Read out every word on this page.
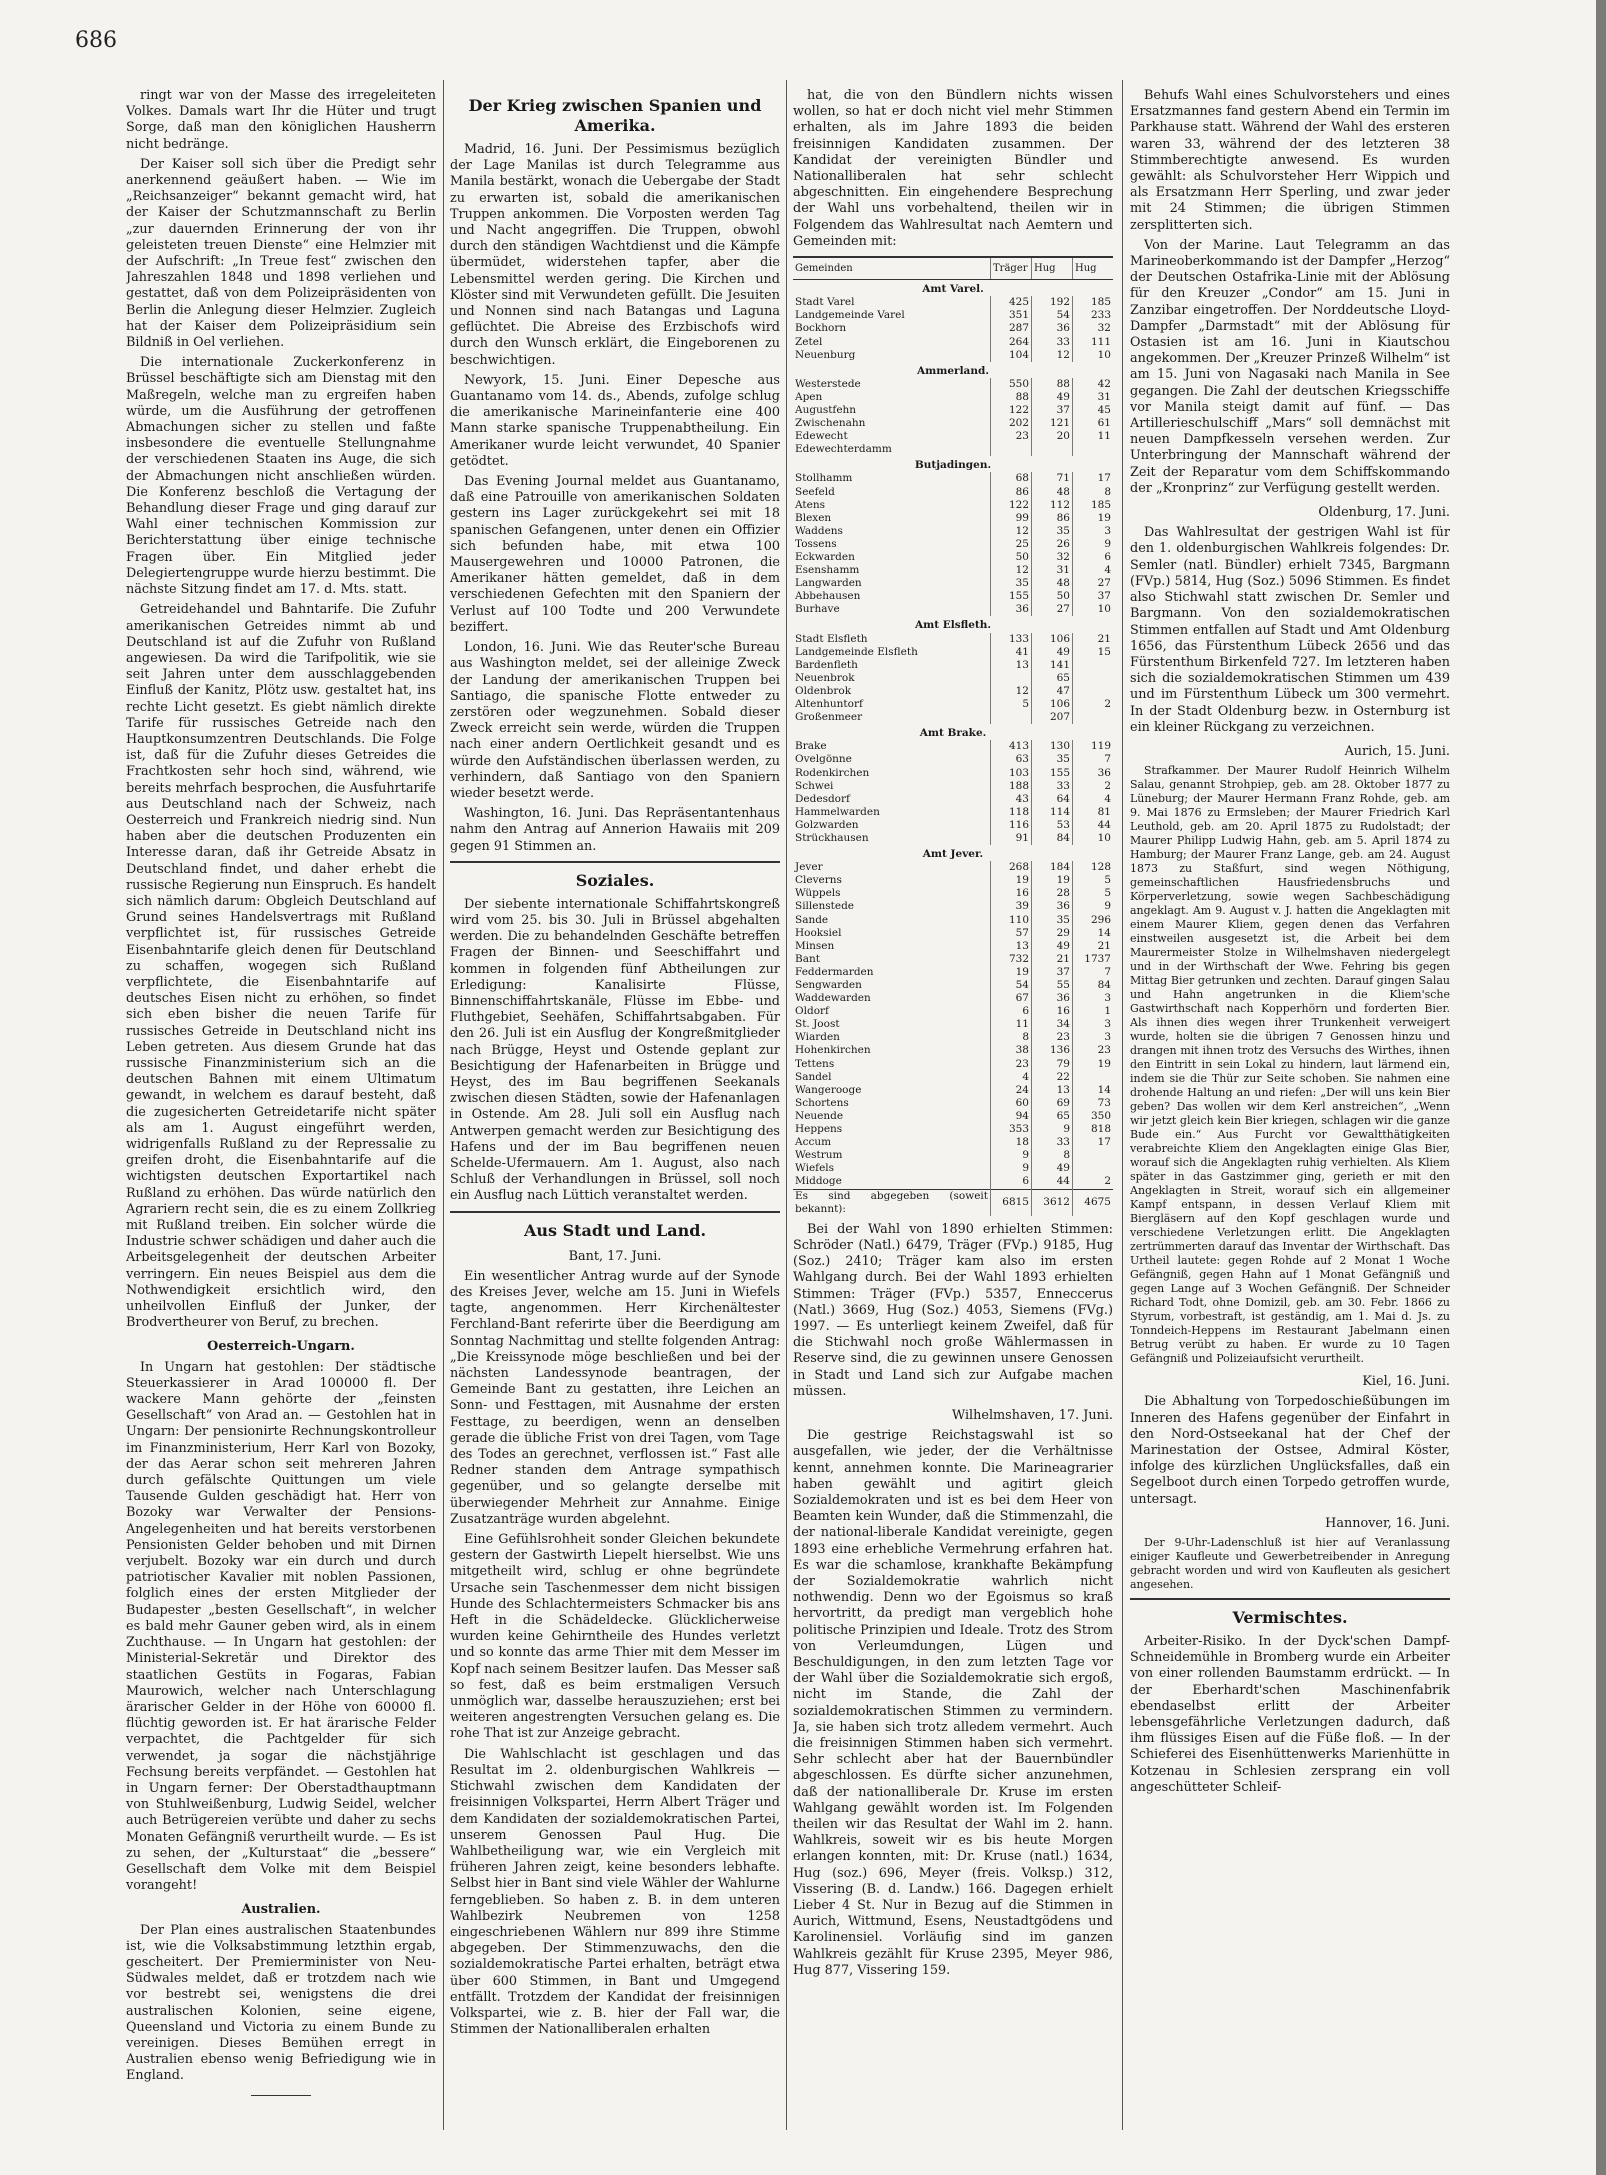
686

ringt war von der Masse des irregeleiteten Volkes. Damals wart Ihr die Hüter und trugt Sorge, daß man den königlichen Hausherrn nicht bedränge.

Der Kaiser soll sich über die Predigt sehr anerkennend geäußert haben. — Wie im „Reichsanzeiger“ bekannt gemacht wird, hat der Kaiser der Schutzmannschaft zu Berlin „zur dauernden Erinnerung der von ihr geleisteten treuen Dienste“ eine Helmzier mit der Aufschrift: „In Treue fest“ zwischen den Jahreszahlen 1848 und 1898 verliehen und gestattet, daß von dem Polizeipräsidenten von Berlin die Anlegung dieser Helmzier. Zugleich hat der Kaiser dem Polizeipräsidium sein Bildniß in Oel verliehen.

Die internationale Zuckerkonferenz in Brüssel beschäftigte sich am Dienstag mit den Maßregeln, welche man zu ergreifen haben würde, um die Ausführung der getroffenen Abmachungen sicher zu stellen und faßte insbesondere die eventuelle Stellungnahme der verschiedenen Staaten ins Auge, die sich der Abmachungen nicht anschließen würden. Die Konferenz beschloß die Vertagung der Behandlung dieser Frage und ging darauf zur Wahl einer technischen Kommission zur Berichterstattung über einige technische Fragen über. Ein Mitglied jeder Delegiertengruppe wurde hierzu bestimmt. Die nächste Sitzung findet am 17. d. Mts. statt.

Getreidehandel und Bahntarife. Die Zufuhr amerikanischen Getreides nimmt ab und Deutschland ist auf die Zufuhr von Rußland angewiesen. Da wird die Tarifpolitik, wie sie seit Jahren unter dem ausschlaggebenden Einfluß der Kanitz, Plötz usw. gestaltet hat, ins rechte Licht gesetzt. Es giebt nämlich direkte Tarife für russisches Getreide nach den Hauptkonsumzentren Deutschlands. Die Folge ist, daß für die Zufuhr dieses Getreides die Frachtkosten sehr hoch sind, während, wie bereits mehrfach besprochen, die Ausfuhrtarife aus Deutschland nach der Schweiz, nach Oesterreich und Frankreich niedrig sind. Nun haben aber die deutschen Produzenten ein Interesse daran, daß ihr Getreide Absatz in Deutschland findet, und daher erhebt die russische Regierung nun Einspruch. Es handelt sich nämlich darum: Obgleich Deutschland auf Grund seines Handelsvertrags mit Rußland verpflichtet ist, für russisches Getreide Eisenbahntarife gleich denen für Deutschland zu schaffen, wogegen sich Rußland verpflichtete, die Eisenbahntarife auf deutsches Eisen nicht zu erhöhen, so findet sich eben bisher die neuen Tarife für russisches Getreide in Deutschland nicht ins Leben getreten. Aus diesem Grunde hat das russische Finanzministerium sich an die deutschen Bahnen mit einem Ultimatum gewandt, in welchem es darauf besteht, daß die zugesicherten Getreidetarife nicht später als am 1. August eingeführt werden, widrigenfalls Rußland zu der Repressalie zu greifen droht, die Eisenbahntarife auf die wichtigsten deutschen Exportartikel nach Rußland zu erhöhen. Das würde natürlich den Agrariern recht sein, die es zu einem Zollkrieg mit Rußland treiben. Ein solcher würde die Industrie schwer schädigen und daher auch die Arbeitsgelegenheit der deutschen Arbeiter verringern. Ein neues Beispiel aus dem die Nothwendigkeit ersichtlich wird, den unheilvollen Einfluß der Junker, der Brodvertheurer von Beruf, zu brechen.

Oesterreich-Ungarn.

In Ungarn hat gestohlen: Der städtische Steuerkassierer in Arad 100000 fl. Der wackere Mann gehörte der „feinsten Gesellschaft“ von Arad an. — Gestohlen hat in Ungarn: Der pensionirte Rechnungskontrolleur im Finanzministerium, Herr Karl von Bozoky, der das Aerar schon seit mehreren Jahren durch gefälschte Quittungen um viele Tausende Gulden geschädigt hat. Herr von Bozoky war Verwalter der Pensions-Angelegenheiten und hat bereits verstorbenen Pensionisten Gelder behoben und mit Dirnen verjubelt. Bozoky war ein durch und durch patriotischer Kavalier mit noblen Passionen, folglich eines der ersten Mitglieder der Budapester „besten Gesellschaft“, in welcher es bald mehr Gauner geben wird, als in einem Zuchthause. — In Ungarn hat gestohlen: der Ministerial-Sekretär und Direktor des staatlichen Gestüts in Fogaras, Fabian Maurowich, welcher nach Unterschlagung ärarischer Gelder in der Höhe von 60000 fl. flüchtig geworden ist. Er hat ärarische Felder verpachtet, die Pachtgelder für sich verwendet, ja sogar die nächstjährige Fechsung bereits verpfändet. — Gestohlen hat in Ungarn ferner: Der Oberstadthauptmann von Stuhlweißenburg, Ludwig Seidel, welcher auch Betrügereien verübte und daher zu sechs Monaten Gefängniß verurtheilt wurde. — Es ist zu sehen, der „Kulturstaat“ die „bessere“ Gesellschaft dem Volke mit dem Beispiel vorangeht!

Australien.

Der Plan eines australischen Staatenbundes ist, wie die Volksabstimmung letzthin ergab, gescheitert. Der Premierminister von Neu-Südwales meldet, daß er trotzdem nach wie vor bestrebt sei, wenigstens die drei australischen Kolonien, seine eigene, Queensland und Victoria zu einem Bunde zu vereinigen. Dieses Bemühen erregt in Australien ebenso wenig Befriedigung wie in England.

Der Krieg zwischen Spanien und Amerika.

Madrid, 16. Juni. Der Pessimismus bezüglich der Lage Manilas ist durch Telegramme aus Manila bestärkt, wonach die Uebergabe der Stadt zu erwarten ist, sobald die amerikanischen Truppen ankommen. Die Vorposten werden Tag und Nacht angegriffen. Die Truppen, obwohl durch den ständigen Wachtdienst und die Kämpfe übermüdet, widerstehen tapfer, aber die Lebensmittel werden gering. Die Kirchen und Klöster sind mit Verwundeten gefüllt. Die Jesuiten und Nonnen sind nach Batangas und Laguna geflüchtet. Die Abreise des Erzbischofs wird durch den Wunsch erklärt, die Eingeborenen zu beschwichtigen.

Newyork, 15. Juni. Einer Depesche aus Guantanamo vom 14. ds., Abends, zufolge schlug die amerikanische Marineinfanterie eine 400 Mann starke spanische Truppenabtheilung. Ein Amerikaner wurde leicht verwundet, 40 Spanier getödtet.

Das Evening Journal meldet aus Guantanamo, daß eine Patrouille von amerikanischen Soldaten gestern ins Lager zurückgekehrt sei mit 18 spanischen Gefangenen, unter denen ein Offizier sich befunden habe, mit etwa 100 Mausergewehren und 10000 Patronen, die Amerikaner hätten gemeldet, daß in dem verschiedenen Gefechten mit den Spaniern der Verlust auf 100 Todte und 200 Verwundete beziffert.

London, 16. Juni. Wie das Reuter'sche Bureau aus Washington meldet, sei der alleinige Zweck der Landung der amerikanischen Truppen bei Santiago, die spanische Flotte entweder zu zerstören oder wegzunehmen. Sobald dieser Zweck erreicht sein werde, würden die Truppen nach einer andern Oertlichkeit gesandt und es würde den Aufständischen überlassen werden, zu verhindern, daß Santiago von den Spaniern wieder besetzt werde.

Washington, 16. Juni. Das Repräsentantenhaus nahm den Antrag auf Annerion Hawaiis mit 209 gegen 91 Stimmen an.

Soziales.

Der siebente internationale Schiffahrtskongreß wird vom 25. bis 30. Juli in Brüssel abgehalten werden. Die zu behandelnden Geschäfte betreffen Fragen der Binnen- und Seeschiffahrt und kommen in folgenden fünf Abtheilungen zur Erledigung: Kanalisirte Flüsse, Binnenschiffahrtskanäle, Flüsse im Ebbe- und Fluthgebiet, Seehäfen, Schiffahrtsabgaben. Für den 26. Juli ist ein Ausflug der Kongreßmitglieder nach Brügge, Heyst und Ostende geplant zur Besichtigung der Hafenarbeiten in Brügge und Heyst, des im Bau begriffenen Seekanals zwischen diesen Städten, sowie der Hafenanlagen in Ostende. Am 28. Juli soll ein Ausflug nach Antwerpen gemacht werden zur Besichtigung des Hafens und der im Bau begriffenen neuen Schelde-Ufermauern. Am 1. August, also nach Schluß der Verhandlungen in Brüssel, soll noch ein Ausflug nach Lüttich veranstaltet werden.

Aus Stadt und Land.
Bant, 17. Juni.

Ein wesentlicher Antrag wurde auf der Synode des Kreises Jever, welche am 15. Juni in Wiefels tagte, angenommen. Herr Kirchenältester Ferchland-Bant referirte über die Beerdigung am Sonntag Nachmittag und stellte folgenden Antrag: „Die Kreissynode möge beschließen und bei der nächsten Landessynode beantragen, der Gemeinde Bant zu gestatten, ihre Leichen an Sonn- und Festtagen, mit Ausnahme der ersten Festtage, zu beerdigen, wenn an denselben gerade die übliche Frist von drei Tagen, vom Tage des Todes an gerechnet, verflossen ist.“ Fast alle Redner standen dem Antrage sympathisch gegenüber, und so gelangte derselbe mit überwiegender Mehrheit zur Annahme. Einige Zusatzanträge wurden abgelehnt.

Eine Gefühlsrohheit sonder Gleichen bekundete gestern der Gastwirth Liepelt hierselbst. Wie uns mitgetheilt wird, schlug er ohne begründete Ursache sein Taschenmesser dem nicht bissigen Hunde des Schlachtermeisters Schmacker bis ans Heft in die Schädeldecke. Glücklicherweise wurden keine Gehirntheile des Hundes verletzt und so konnte das arme Thier mit dem Messer im Kopf nach seinem Besitzer laufen. Das Messer saß so fest, daß es beim erstmaligen Versuch unmöglich war, dasselbe herauszuziehen; erst bei weiteren angestrengten Versuchen gelang es. Die rohe That ist zur Anzeige gebracht.

Die Wahlschlacht ist geschlagen und das Resultat im 2. oldenburgischen Wahlkreis — Stichwahl zwischen dem Kandidaten der freisinnigen Volkspartei, Herrn Albert Träger und dem Kandidaten der sozialdemokratischen Partei, unserem Genossen Paul Hug. Die Wahlbetheiligung war, wie ein Vergleich mit früheren Jahren zeigt, keine besonders lebhafte. Selbst hier in Bant sind viele Wähler der Wahlurne ferngeblieben. So haben z. B. in dem unteren Wahlbezirk Neubremen von 1258 eingeschriebenen Wählern nur 899 ihre Stimme abgegeben. Der Stimmenzuwachs, den die sozialdemokratische Partei erhalten, beträgt etwa über 600 Stimmen, in Bant und Umgegend entfällt. Trotzdem der Kandidat der freisinnigen Volkspartei, wie z. B. hier der Fall war, die Stimmen der Nationalliberalen erhalten

hat, die von den Bündlern nichts wissen wollen, so hat er doch nicht viel mehr Stimmen erhalten, als im Jahre 1893 die beiden freisinnigen Kandidaten zusammen. Der Kandidat der vereinigten Bündler und Nationalliberalen hat sehr schlecht abgeschnitten. Ein eingehendere Besprechung der Wahl uns vorbehaltend, theilen wir in Folgendem das Wahlresultat nach Aemtern und Gemeinden mit:

Gemeinden	Träger	Hug	Hug
Amt Varel.			
Stadt Varel	425	192	185
Landgemeinde Varel	351	54	233
Bockhorn	287	36	32
Zetel	264	33	111
Neuenburg	104	12	10
Ammerland.			
Westerstede	550	88	42
Apen	88	49	31
Augustfehn	122	37	45
Zwischenahn	202	121	61
Edewecht	23	20	11
Edewechterdamm			
Butjadingen.			
Stollhamm	68	71	17
Seefeld	86	48	8
Atens	122	112	185
Blexen	99	86	19
Waddens	12	35	3
Tossens	25	26	9
Eckwarden	50	32	6
Esenshamm	12	31	4
Langwarden	35	48	27
Abbehausen	155	50	37
Burhave	36	27	10
Amt Elsfleth.			
Stadt Elsfleth	133	106	21
Landgemeinde Elsfleth	41	49	15
Bardenfleth	13	141	
Neuenbrok		65	
Oldenbrok	12	47	
Altenhuntorf	5	106	2
Großenmeer		207	
Amt Brake.			
Brake	413	130	119
Ovelgönne	63	35	7
Rodenkirchen	103	155	36
Schwei	188	33	2
Dedesdorf	43	64	4
Hammelwarden	118	114	81
Golzwarden	116	53	44
Strückhausen	91	84	10
Amt Jever.			
Jever	268	184	128
Cleverns	19	19	5
Wüppels	16	28	5
Sillenstede	39	36	9
Sande	110	35	296
Hooksiel	57	29	14
Minsen	13	49	21
Bant	732	21	1737
Feddermarden	19	37	7
Sengwarden	54	55	84
Waddewarden	67	36	3
Oldorf	6	16	1
St. Joost	11	34	3
Wiarden	8	23	3
Hohenkirchen	38	136	23
Tettens	23	79	19
Sandel	4	22	
Wangerooge	24	13	14
Schortens	60	69	73
Neuende	94	65	350
Heppens	353	9	818
Accum	18	33	17
Westrum	9	8	
Wiefels	9	49	
Middoge	6	44	2
Es sind abgegeben (soweit bekannt):	6815	3612	4675

Bei der Wahl von 1890 erhielten Stimmen: Schröder (Natl.) 6479, Träger (FVp.) 9185, Hug (Soz.) 2410; Träger kam also im ersten Wahlgang durch. Bei der Wahl 1893 erhielten Stimmen: Träger (FVp.) 5357, Enneccerus (Natl.) 3669, Hug (Soz.) 4053, Siemens (FVg.) 1997. — Es unterliegt keinem Zweifel, daß für die Stichwahl noch große Wählermassen in Reserve sind, die zu gewinnen unsere Genossen in Stadt und Land sich zur Aufgabe machen müssen.

Wilhelmshaven, 17. Juni.

Die gestrige Reichstagswahl ist so ausgefallen, wie jeder, der die Verhältnisse kennt, annehmen konnte. Die Marineagrarier haben gewählt und agitirt gleich Sozialdemokraten und ist es bei dem Heer von Beamten kein Wunder, daß die Stimmenzahl, die der national-liberale Kandidat vereinigte, gegen 1893 eine erhebliche Vermehrung erfahren hat. Es war die schamlose, krankhafte Bekämpfung der Sozialdemokratie wahrlich nicht nothwendig. Denn wo der Egoismus so kraß hervortritt, da predigt man vergeblich hohe politische Prinzipien und Ideale. Trotz des Strom von Verleumdungen, Lügen und Beschuldigungen, in den zum letzten Tage vor der Wahl über die Sozialdemokratie sich ergoß, nicht im Stande, die Zahl der sozialdemokratischen Stimmen zu vermindern. Ja, sie haben sich trotz alledem vermehrt. Auch die freisinnigen Stimmen haben sich vermehrt. Sehr schlecht aber hat der Bauernbündler abgeschlossen. Es dürfte sicher anzunehmen, daß der nationalliberale Dr. Kruse im ersten Wahlgang gewählt worden ist. Im Folgenden theilen wir das Resultat der Wahl im 2. hann. Wahlkreis, soweit wir es bis heute Morgen erlangen konnten, mit: Dr. Kruse (natl.) 1634, Hug (soz.) 696, Meyer (freis. Volksp.) 312, Vissering (B. d. Landw.) 166. Dagegen erhielt Lieber 4 St. Nur in Bezug auf die Stimmen in Aurich, Wittmund, Esens, Neustadtgödens und Karolinensiel. Vorläufig sind im ganzen Wahlkreis gezählt für Kruse 2395, Meyer 986, Hug 877, Vissering 159.

Behufs Wahl eines Schulvorstehers und eines Ersatzmannes fand gestern Abend ein Termin im Parkhause statt. Während der Wahl des ersteren waren 33, während der des letzteren 38 Stimmberechtigte anwesend. Es wurden gewählt: als Schulvorsteher Herr Wippich und als Ersatzmann Herr Sperling, und zwar jeder mit 24 Stimmen; die übrigen Stimmen zersplitterten sich.

Von der Marine. Laut Telegramm an das Marineoberkommando ist der Dampfer „Herzog“ der Deutschen Ostafrika-Linie mit der Ablösung für den Kreuzer „Condor“ am 15. Juni in Zanzibar eingetroffen. Der Norddeutsche Lloyd-Dampfer „Darmstadt“ mit der Ablösung für Ostasien ist am 16. Juni in Kiautschou angekommen. Der „Kreuzer Prinzeß Wilhelm“ ist am 15. Juni von Nagasaki nach Manila in See gegangen. Die Zahl der deutschen Kriegsschiffe vor Manila steigt damit auf fünf. — Das Artillerieschulschiff „Mars“ soll demnächst mit neuen Dampfkesseln versehen werden. Zur Unterbringung der Mannschaft während der Zeit der Reparatur vom dem Schiffskommando der „Kronprinz“ zur Verfügung gestellt werden.

Oldenburg, 17. Juni.

Das Wahlresultat der gestrigen Wahl ist für den 1. oldenburgischen Wahlkreis folgendes: Dr. Semler (natl. Bündler) erhielt 7345, Bargmann (FVp.) 5814, Hug (Soz.) 5096 Stimmen. Es findet also Stichwahl statt zwischen Dr. Semler und Bargmann. Von den sozialdemokratischen Stimmen entfallen auf Stadt und Amt Oldenburg 1656, das Fürstenthum Lübeck 2656 und das Fürstenthum Birkenfeld 727. Im letzteren haben sich die sozialdemokratischen Stimmen um 439 und im Fürstenthum Lübeck um 300 vermehrt. In der Stadt Oldenburg bezw. in Osternburg ist ein kleiner Rückgang zu verzeichnen.

Aurich, 15. Juni.

Strafkammer. Der Maurer Rudolf Heinrich Wilhelm Salau, genannt Strohpiep, geb. am 28. Oktober 1877 zu Lüneburg; der Maurer Hermann Franz Rohde, geb. am 9. Mai 1876 zu Ermsleben; der Maurer Friedrich Karl Leuthold, geb. am 20. April 1875 zu Rudolstadt; der Maurer Philipp Ludwig Hahn, geb. am 5. April 1874 zu Hamburg; der Maurer Franz Lange, geb. am 24. August 1873 zu Staßfurt, sind wegen Nöthigung, gemeinschaftlichen Hausfriedensbruchs und Körperverletzung, sowie wegen Sachbeschädigung angeklagt. Am 9. August v. J. hatten die Angeklagten mit einem Maurer Kliem, gegen denen das Verfahren einstweilen ausgesetzt ist, die Arbeit bei dem Maurermeister Stolze in Wilhelmshaven niedergelegt und in der Wirthschaft der Wwe. Fehring bis gegen Mittag Bier getrunken und zechten. Darauf gingen Salau und Hahn angetrunken in die Kliem'sche Gastwirthschaft nach Kopperhörn und forderten Bier. Als ihnen dies wegen ihrer Trunkenheit verweigert wurde, holten sie die übrigen 7 Genossen hinzu und drangen mit ihnen trotz des Versuchs des Wirthes, ihnen den Eintritt in sein Lokal zu hindern, laut lärmend ein, indem sie die Thür zur Seite schoben. Sie nahmen eine drohende Haltung an und riefen: „Der will uns kein Bier geben? Das wollen wir dem Kerl anstreichen“, „Wenn wir jetzt gleich kein Bier kriegen, schlagen wir die ganze Bude ein.“ Aus Furcht vor Gewaltthätigkeiten verabreichte Kliem den Angeklagten einige Glas Bier, worauf sich die Angeklagten ruhig verhielten. Als Kliem später in das Gastzimmer ging, gerieth er mit den Angeklagten in Streit, worauf sich ein allgemeiner Kampf entspann, in dessen Verlauf Kliem mit Biergläsern auf den Kopf geschlagen wurde und verschiedene Verletzungen erlitt. Die Angeklagten zertrümmerten darauf das Inventar der Wirthschaft. Das Urtheil lautete: gegen Rohde auf 2 Monat 1 Woche Gefängniß, gegen Hahn auf 1 Monat Gefängniß und gegen Lange auf 3 Wochen Gefängniß. Der Schneider Richard Todt, ohne Domizil, geb. am 30. Febr. 1866 zu Styrum, vorbestraft, ist geständig, am 1. Mai d. Js. zu Tonndeich-Heppens im Restaurant Jabelmann einen Betrug verübt zu haben. Er wurde zu 10 Tagen Gefängniß und Polizeiaufsicht verurtheilt.

Kiel, 16. Juni.

Die Abhaltung von Torpedoschießübungen im Inneren des Hafens gegenüber der Einfahrt in den Nord-Ostseekanal hat der Chef der Marinestation der Ostsee, Admiral Köster, infolge des kürzlichen Unglücksfalles, daß ein Segelboot durch einen Torpedo getroffen wurde, untersagt.

Hannover, 16. Juni.

Der 9-Uhr-Ladenschluß ist hier auf Veranlassung einiger Kaufleute und Gewerbetreibender in Anregung gebracht worden und wird von Kaufleuten als gesichert angesehen.

Vermischtes.

Arbeiter-Risiko. In der Dyck'schen Dampf-Schneidemühle in Bromberg wurde ein Arbeiter von einer rollenden Baumstamm erdrückt. — In der Eberhardt'schen Maschinenfabrik ebendaselbst erlitt der Arbeiter lebensgefährliche Verletzungen dadurch, daß ihm flüssiges Eisen auf die Füße floß. — In der Schieferei des Eisenhüttenwerks Marienhütte in Kotzenau in Schlesien zersprang ein voll angeschütteter Schleif-
